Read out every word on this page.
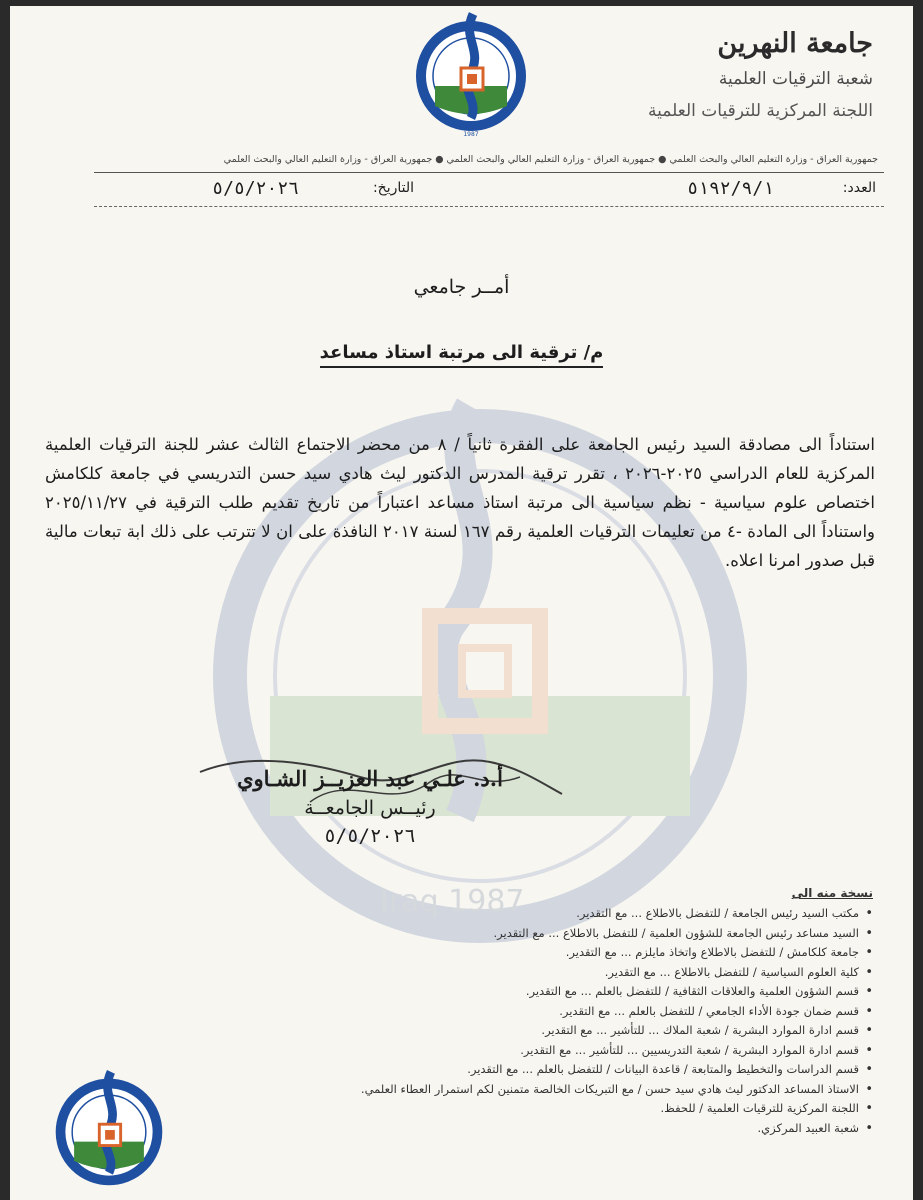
Iraq 1987
1987
جامعة النهرين
شعبة الترقيات العلمية
اللجنة المركزية للترقيات العلمية
جمهورية العراق - وزارة التعليم العالي والبحث العلمي ● جمهورية العراق - وزارة التعليم العالي والبحث العلمي ● جمهورية العراق - وزارة التعليم العالي والبحث العلمي
العدد:
٥١٩٢/٩/١
التاريخ:
٥/٥/٢٠٢٦
أمــر جامعي
م/ ترقية الى مرتبة استاذ مساعد

استناداً الى مصادقة السيد رئيس الجامعة على الفقرة ثانياً / ٨ من محضر الاجتماع الثالث عشر للجنة الترقيات العلمية المركزية للعام الدراسي ٢٠٢٥-٢٠٢٦ ، تقرر ترقية المدرس الدكتور ليث هادي سيد حسن التدريسي في جامعة كلكامش اختصاص علوم سياسية - نظم سياسية الى مرتبة استاذ مساعد اعتباراً من تاريخ تقديم طلب الترقية في ٢٠٢٥/١١/٢٧ واستناداً الى المادة -٤ من تعليمات الترقيات العلمية رقم ١٦٧ لسنة ٢٠١٧ النافذة على ان لا تترتب على ذلك ابة تبعات مالية قبل صدور امرنا اعلاه.

أ.د. علـي عبد العزيــز الشـاوي
رئيــس الجامعــة
٥/٥/٢٠٢٦
نسخة منه الى
• مكتب السيد رئيس الجامعة / للتفضل بالاطلاع ... مع التقدير.
• السيد مساعد رئيس الجامعة للشؤون العلمية / للتفضل بالاطلاع ... مع التقدير.
• جامعة كلكامش / للتفضل بالاطلاع واتخاذ مايلزم ... مع التقدير.
• كلية العلوم السياسية / للتفضل بالاطلاع ... مع التقدير.
• قسم الشؤون العلمية والعلاقات الثقافية / للتفضل بالعلم ... مع التقدير.
• قسم ضمان جودة الأداء الجامعي / للتفضل بالعلم ... مع التقدير.
• قسم ادارة الموارد البشرية / شعبة الملاك ... للتأشير ... مع التقدير.
• قسم ادارة الموارد البشرية / شعبة التدريسيين ... للتأشير ... مع التقدير.
• قسم الدراسات والتخطيط والمتابعة / قاعدة البيانات / للتفضل بالعلم ... مع التقدير.
• الاستاذ المساعد الدكتور ليث هادي سيد حسن / مع التبريكات الخالصة متمنين لكم استمرار العطاء العلمي.
• اللجنة المركزية للترقيات العلمية / للحفظ.
• شعبة العبيد المركزي.
